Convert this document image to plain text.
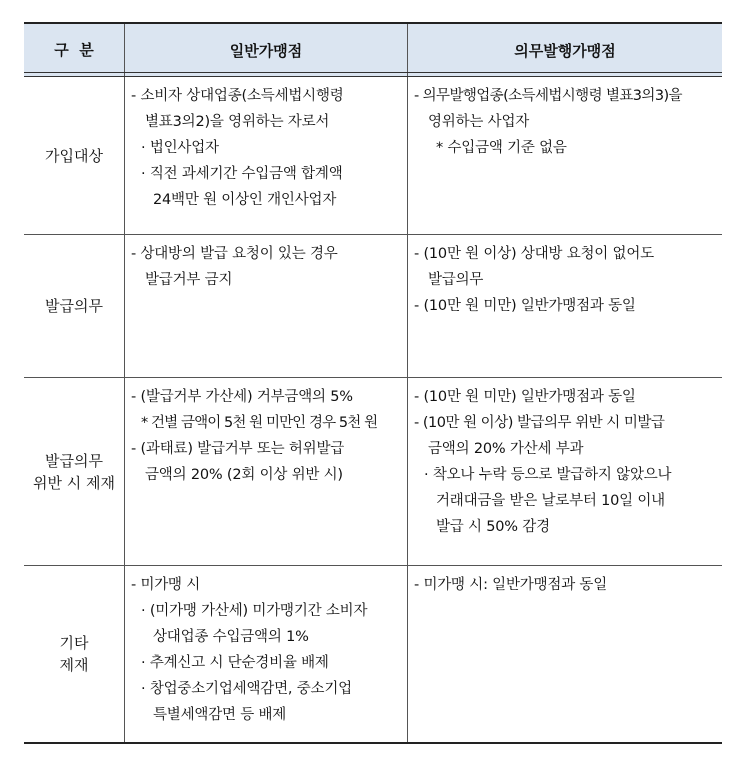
구  분	일반가맹점	의무발행가맹점
가입대상
- 소비자 상대업종(소득세법시행령
별표3의2)을 영위하는 자로서
· 법인사업자
· 직전 과세기간 수입금액 합계액
24백만 원 이상인 개인사업자
- 의무발행업종(소득세법시행령 별표3의3)을
영위하는 사업자
* 수입금액 기준 없음
발급의무
- 상대방의 발급 요청이 있는 경우
발급거부 금지
- (10만 원 이상) 상대방 요청이 없어도
발급의무
- (10만 원 미만) 일반가맹점과 동일
발급의무
위반 시 제재
- (발급거부 가산세) 거부금액의 5%
* 건별 금액이 5천 원 미만인 경우 5천 원
- (과태료) 발급거부 또는 허위발급
금액의 20% (2회 이상 위반 시)
- (10만 원 미만) 일반가맹점과 동일
- (10만 원 이상) 발급의무 위반 시 미발급
금액의 20% 가산세 부과
· 착오나 누락 등으로 발급하지 않았으나
거래대금을 받은 날로부터 10일 이내
발급 시 50% 감경
기타
제재
- 미가맹 시
· (미가맹 가산세) 미가맹기간 소비자
상대업종 수입금액의 1%
· 추계신고 시 단순경비율 배제
· 창업중소기업세액감면, 중소기업
특별세액감면 등 배제
- 미가맹 시: 일반가맹점과 동일
